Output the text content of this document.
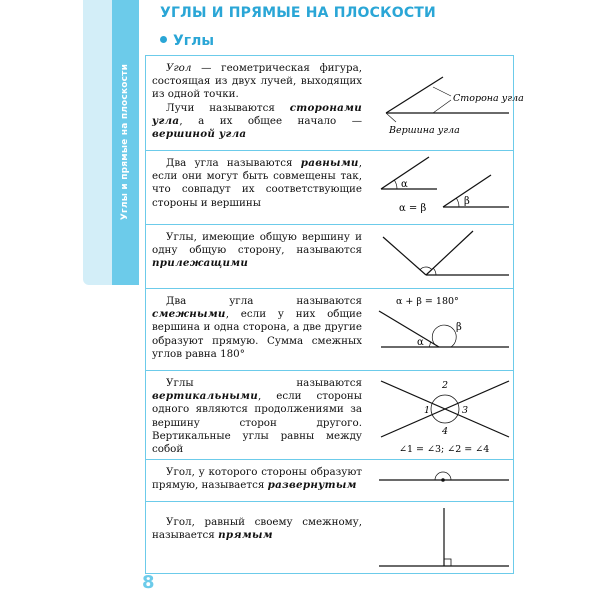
Углы и прямые на плоскости
УГЛЫ И ПРЯМЫЕ НА ПЛОСКОСТИ
Углы

Угол — геометрическая фигура, состоящая из двух лучей, выходящих из одной точки.

Лучи называются сторонами угла, а их общее начало — вершиной угла

Сторона угла
Вершина угла

Два угла называются равными, если они могут быть совмещены так, что совпадут их соответствующие стороны и вершины

α
β
α = β

Углы, имеющие общую вершину и одну общую сторону, называются прилежащими

Два угла называются смежными, если у них общие вершина и одна сторона, а две другие образуют прямую. Сумма смежных углов равна 180°

α + β = 180°
α
β

Углы называются вертикальными, если стороны одного являются продолжениями за вершину сторон другого. Вертикальные углы равны между собой

1
2
3
4
∠1 = ∠3; ∠2 = ∠4

Угол, у которого стороны образуют прямую, называется развернутым

Угол, равный своему смежному, называется прямым

8
